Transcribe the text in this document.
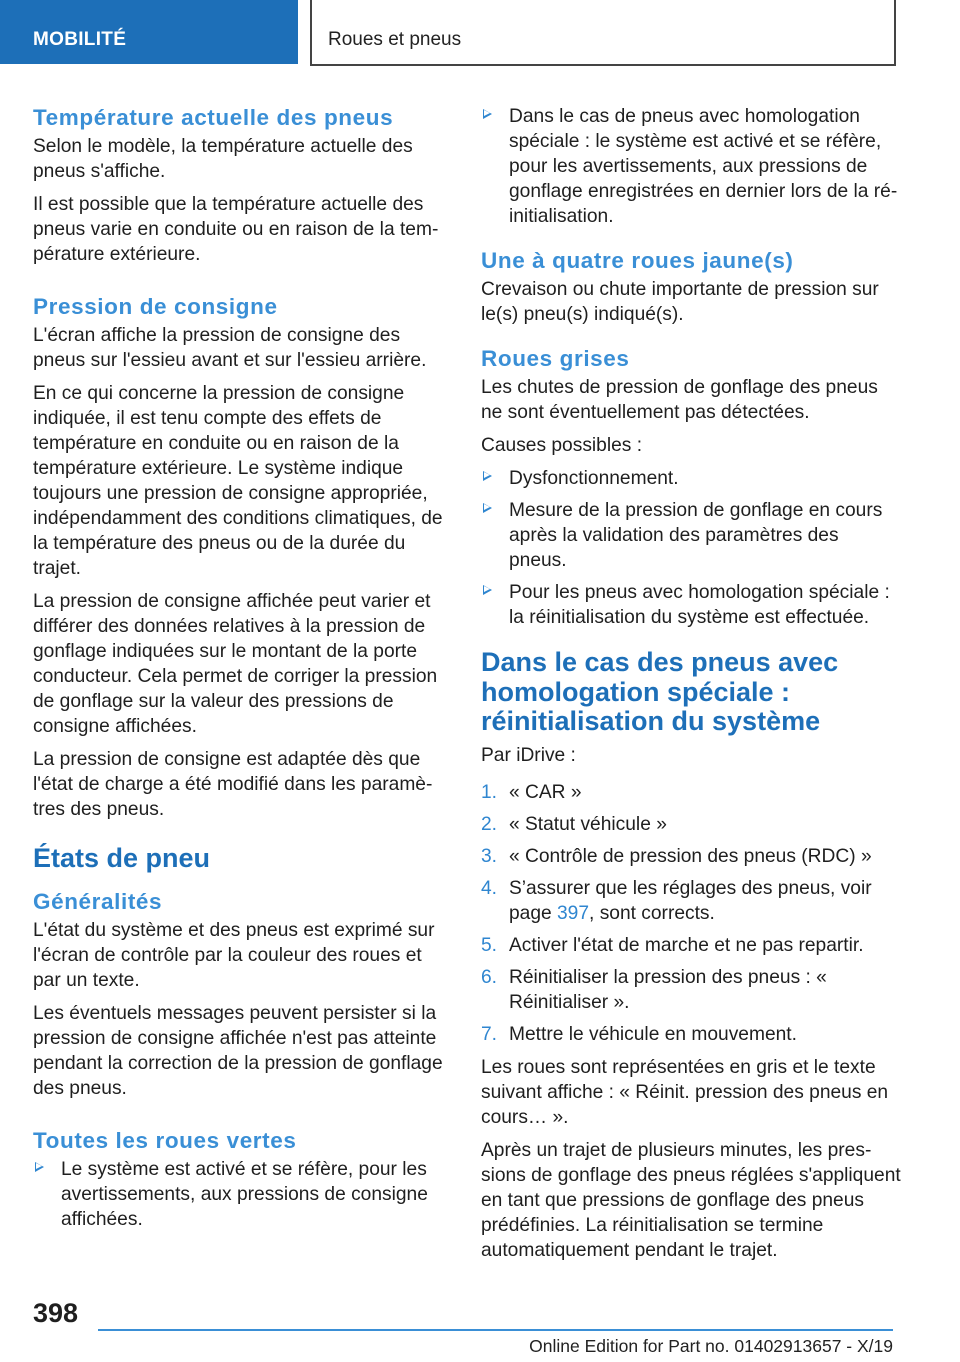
MOBILITÉ	Roues et pneus
Température actuelle des pneus

Selon le modèle, la température actuelle des pneus s'affiche.

Il est possible que la température actuelle des pneus varie en conduite ou en raison de la température extérieure.

Pression de consigne

L'écran affiche la pression de consigne des pneus sur l'essieu avant et sur l'essieu arrière.

En ce qui concerne la pression de consigne indiquée, il est tenu compte des effets de température en conduite ou en raison de la température extérieure. Le système indique toujours une pression de consigne appropriée, indépendamment des conditions climatiques, de la température des pneus ou de la durée du trajet.

La pression de consigne affichée peut varier et différer des données relatives à la pression de gonflage indiquées sur le montant de la porte conducteur. Cela permet de corriger la pression de gonflage sur la valeur des pressions de consigne affichées.

La pression de consigne est adaptée dès que l'état de charge a été modifié dans les paramètres des pneus.

États de pneu
Généralités

L'état du système et des pneus est exprimé sur l'écran de contrôle par la couleur des roues et par un texte.

Les éventuels messages peuvent persister si la pression de consigne affichée n'est pas atteinte pendant la correction de la pression de gonflage des pneus.

Toutes les roues vertes
Le système est activé et se réfère, pour les avertissements, aux pressions de consigne affichées.
Dans le cas de pneus avec homologation spéciale : le système est activé et se réfère, pour les avertissements, aux pressions de gonflage enregistrées en dernier lors de la réinitialisation.
Une à quatre roues jaune(s)

Crevaison ou chute importante de pression sur le(s) pneu(s) indiqué(s).

Roues grises

Les chutes de pression de gonflage des pneus ne sont éventuellement pas détectées.

Causes possibles :

Dysfonctionnement.
Mesure de la pression de gonflage en cours après la validation des paramètres des pneus.
Pour les pneus avec homologation spéciale : la réinitialisation du système est effectuée.
Dans le cas des pneus avec homologation spéciale : réinitialisation du système

Par iDrive :

1. « CAR »
2. « Statut véhicule »
3. « Contrôle de pression des pneus (RDC) »
4. S’assurer que les réglages des pneus, voir page 397, sont corrects.
5. Activer l'état de marche et ne pas repartir.
6. Réinitialiser la pression des pneus : « Réinitialiser ».
7. Mettre le véhicule en mouvement.

Les roues sont représentées en gris et le texte suivant affiche : « Réinit. pression des pneus en cours… ».

Après un trajet de plusieurs minutes, les pressions de gonflage des pneus réglées s'appliquent en tant que pressions de gonflage des pneus prédéfinies. La réinitialisation se termine automatiquement pendant le trajet.

398
Online Edition for Part no. 01402913657 - X/19
